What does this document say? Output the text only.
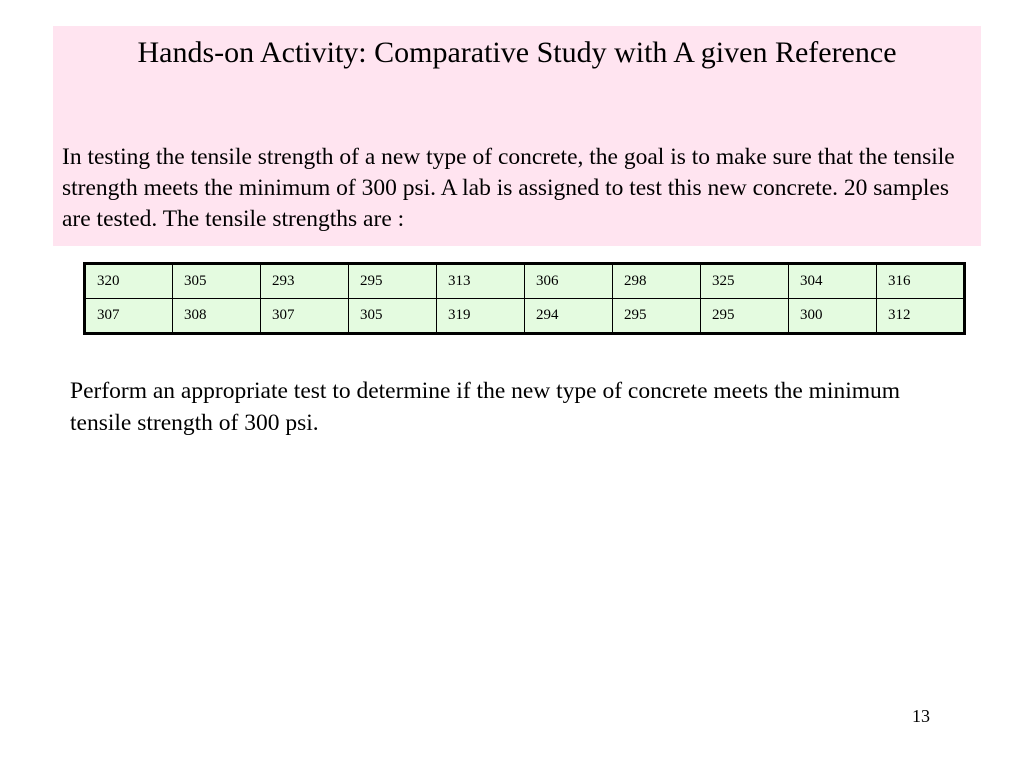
Hands-on Activity: Comparative Study with A given Reference

In testing the tensile strength of a new type of concrete, the goal is to make sure that the tensile strength meets the minimum of 300 psi. A lab is assigned to test this new concrete. 20 samples are tested. The tensile strengths are :

320	305	293	295	313	306	298	325	304	316
307	308	307	305	319	294	295	295	300	312

Perform an appropriate test to determine if the new type of concrete meets the minimum tensile strength of 300 psi.

13
